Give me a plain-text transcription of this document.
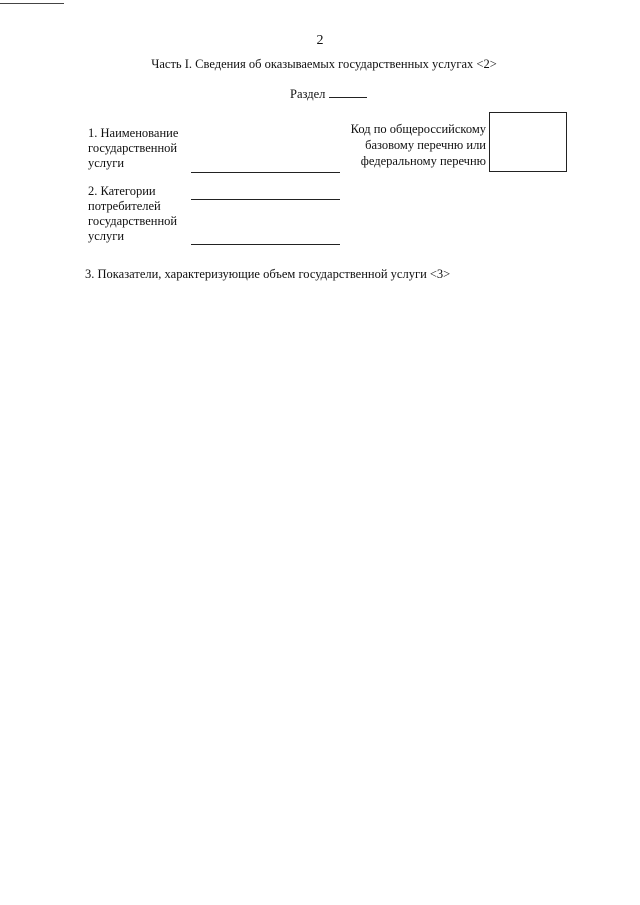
2
Часть I. Сведения об оказываемых государственных услугах <2>
Раздел
1. Наименование государственной услуги
2. Категории потребителей государственной услуги
Код по общероссийскому базовому перечню или федеральному перечню
3. Показатели, характеризующие объем государственной услуги <3>
